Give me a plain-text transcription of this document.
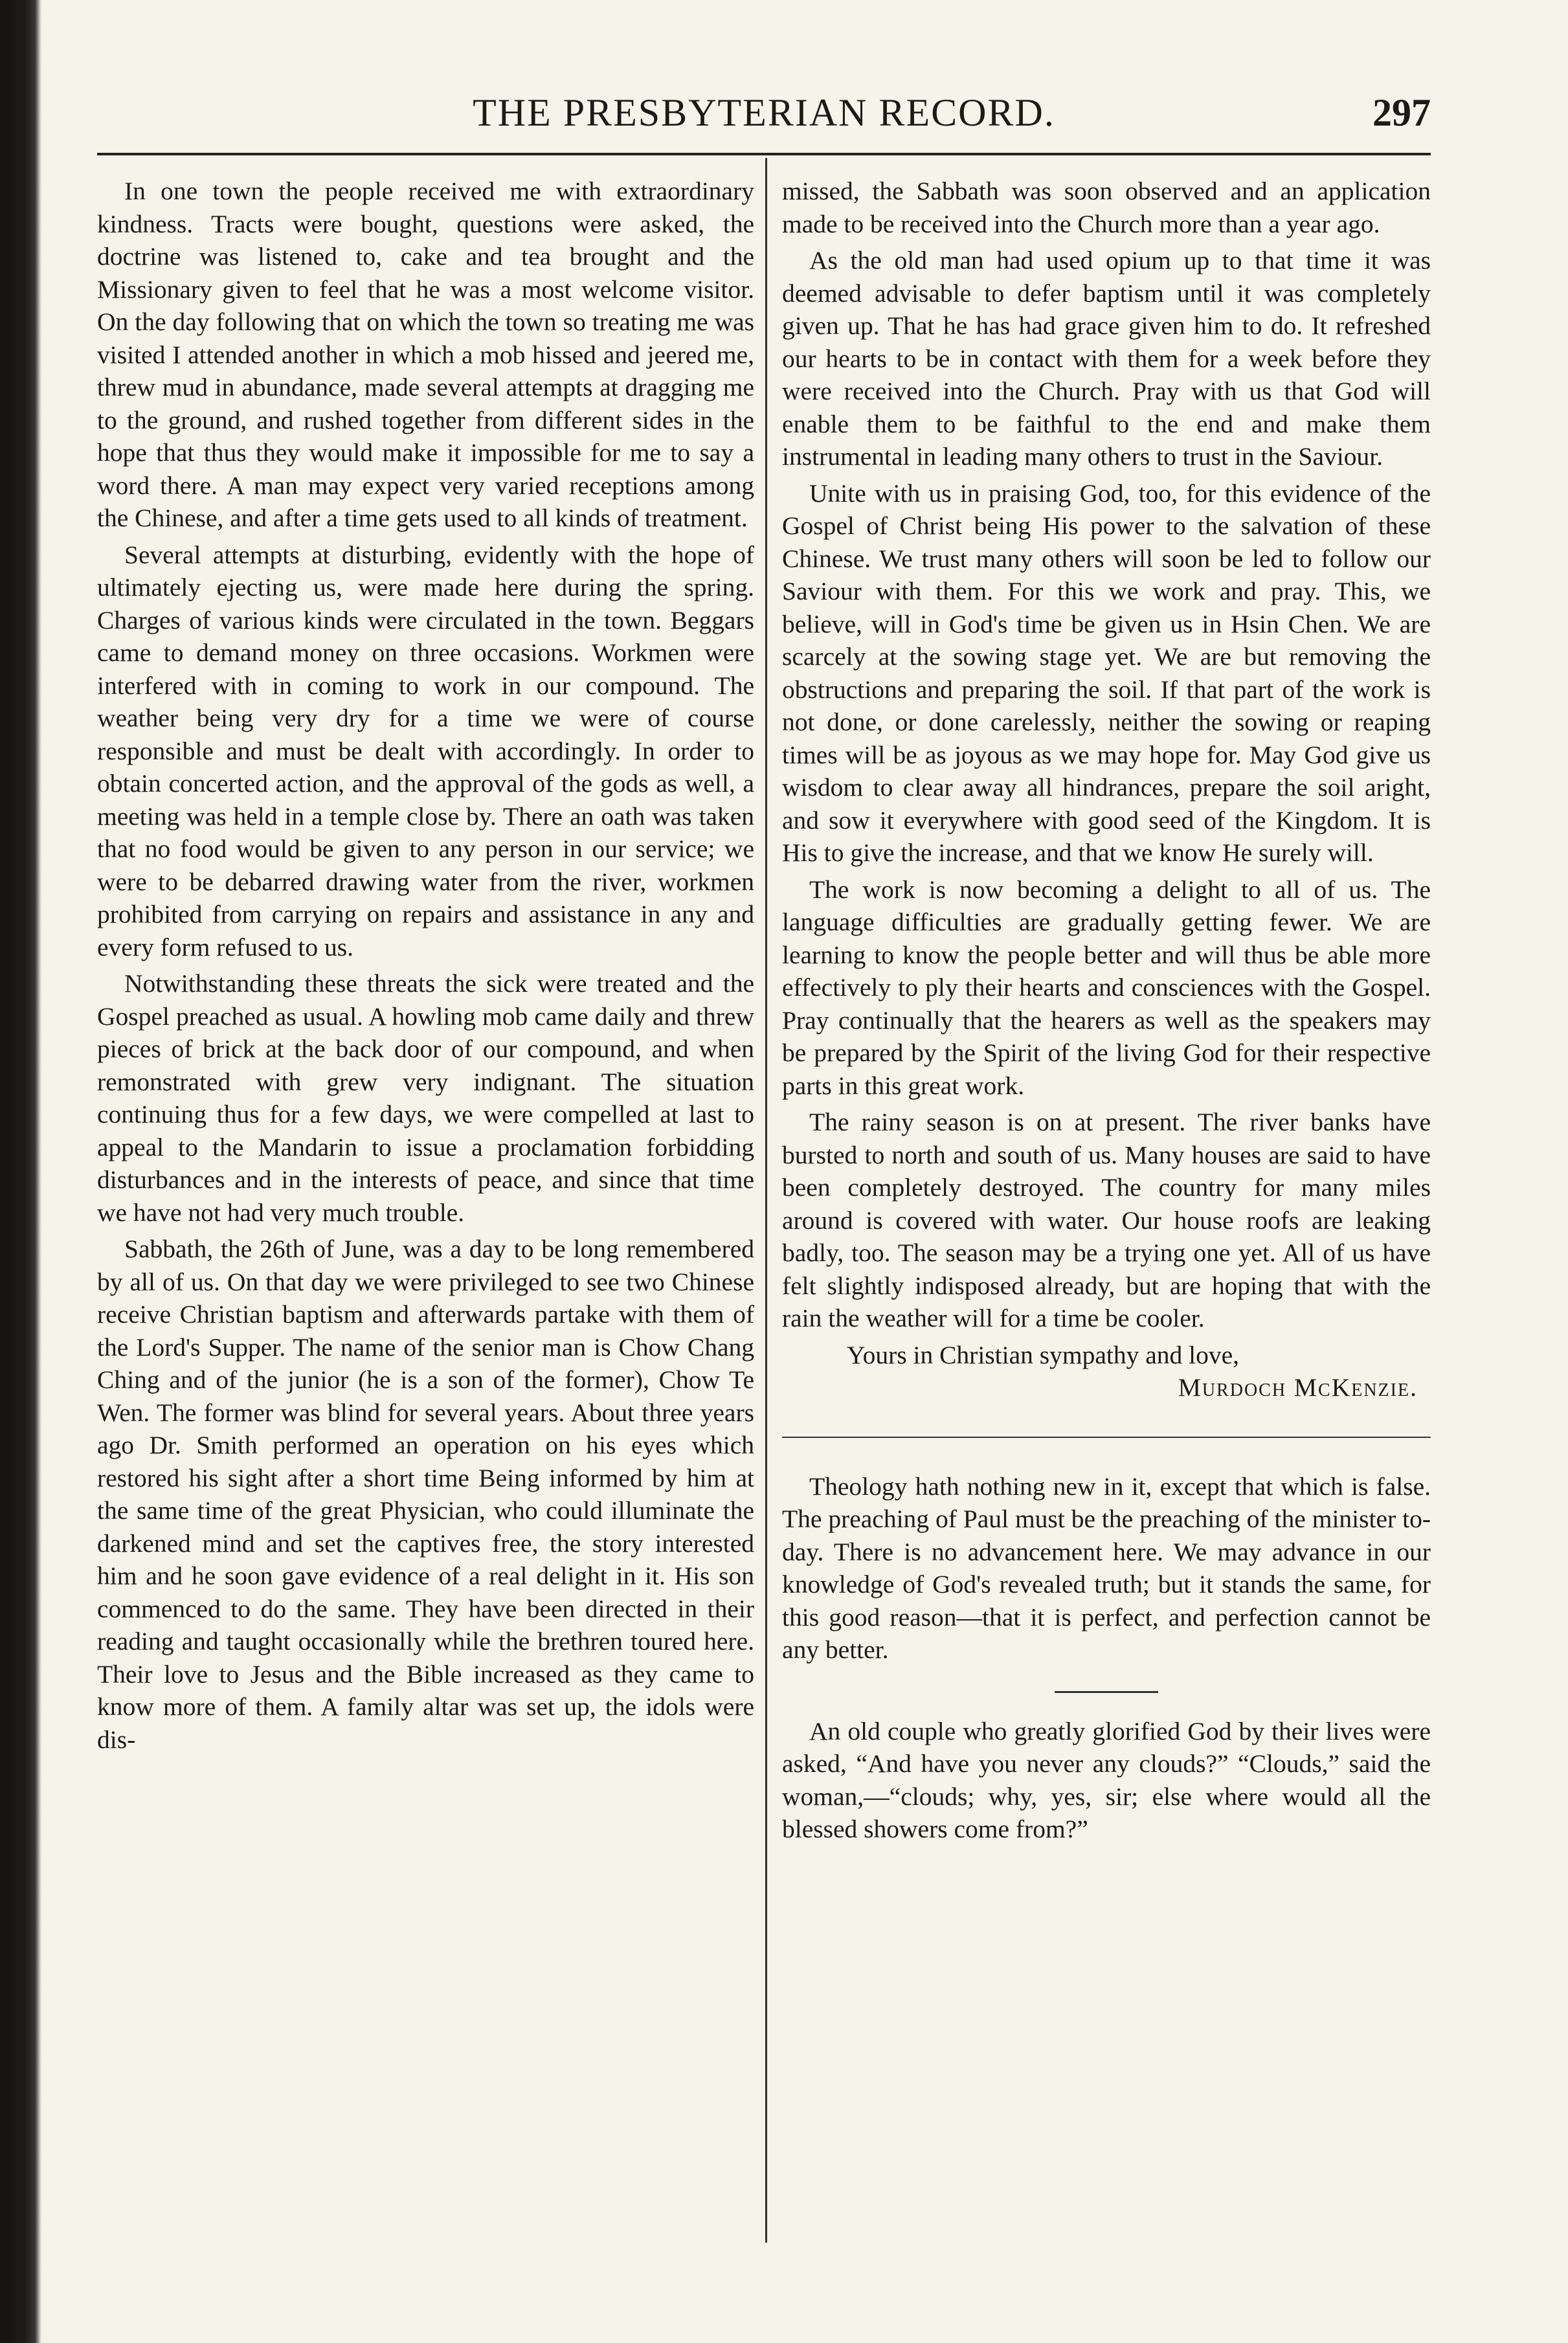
THE PRESBYTERIAN RECORD.	297

In one town the people received me with extraordinary kindness. Tracts were bought, questions were asked, the doctrine was listened to, cake and tea brought and the Missionary given to feel that he was a most welcome visitor. On the day following that on which the town so treating me was visited I attended another in which a mob hissed and jeered me, threw mud in abundance, made several attempts at dragging me to the ground, and rushed together from different sides in the hope that thus they would make it impossible for me to say a word there. A man may expect very varied receptions among the Chinese, and after a time gets used to all kinds of treatment.

Several attempts at disturbing, evidently with the hope of ultimately ejecting us, were made here during the spring. Charges of various kinds were circulated in the town. Beggars came to demand money on three occasions. Workmen were interfered with in coming to work in our compound. The weather being very dry for a time we were of course responsible and must be dealt with accordingly. In order to obtain concerted action, and the approval of the gods as well, a meeting was held in a temple close by. There an oath was taken that no food would be given to any person in our service; we were to be debarred drawing water from the river, workmen prohibited from carrying on repairs and assistance in any and every form refused to us.

Notwithstanding these threats the sick were treated and the Gospel preached as usual. A howling mob came daily and threw pieces of brick at the back door of our compound, and when remonstrated with grew very indignant. The situation continuing thus for a few days, we were compelled at last to appeal to the Mandarin to issue a proclamation forbidding disturbances and in the interests of peace, and since that time we have not had very much trouble.

Sabbath, the 26th of June, was a day to be long remembered by all of us. On that day we were privileged to see two Chinese receive Christian baptism and afterwards partake with them of the Lord's Supper. The name of the senior man is Chow Chang Ching and of the junior (he is a son of the former), Chow Te Wen. The former was blind for several years. About three years ago Dr. Smith performed an operation on his eyes which restored his sight after a short time Being informed by him at the same time of the great Physician, who could illuminate the darkened mind and set the captives free, the story interested him and he soon gave evidence of a real delight in it. His son commenced to do the same. They have been directed in their reading and taught occasionally while the brethren toured here. Their love to Jesus and the Bible increased as they came to know more of them. A family altar was set up, the idols were dis-

missed, the Sabbath was soon observed and an application made to be received into the Church more than a year ago.

As the old man had used opium up to that time it was deemed advisable to defer baptism until it was completely given up. That he has had grace given him to do. It refreshed our hearts to be in contact with them for a week before they were received into the Church. Pray with us that God will enable them to be faithful to the end and make them instrumental in leading many others to trust in the Saviour.

Unite with us in praising God, too, for this evidence of the Gospel of Christ being His power to the salvation of these Chinese. We trust many others will soon be led to follow our Saviour with them. For this we work and pray. This, we believe, will in God's time be given us in Hsin Chen. We are scarcely at the sowing stage yet. We are but removing the obstructions and preparing the soil. If that part of the work is not done, or done carelessly, neither the sowing or reaping times will be as joyous as we may hope for. May God give us wisdom to clear away all hindrances, prepare the soil aright, and sow it everywhere with good seed of the Kingdom. It is His to give the increase, and that we know He surely will.

The work is now becoming a delight to all of us. The language difficulties are gradually getting fewer. We are learning to know the people better and will thus be able more effectively to ply their hearts and consciences with the Gospel. Pray continually that the hearers as well as the speakers may be prepared by the Spirit of the living God for their respective parts in this great work.

The rainy season is on at present. The river banks have bursted to north and south of us. Many houses are said to have been completely destroyed. The country for many miles around is covered with water. Our house roofs are leaking badly, too. The season may be a trying one yet. All of us have felt slightly indisposed already, but are hoping that with the rain the weather will for a time be cooler.

Yours in Christian sympathy and love,

Murdoch McKenzie.

Theology hath nothing new in it, except that which is false. The preaching of Paul must be the preaching of the minister to-day. There is no advancement here. We may advance in our knowledge of God's revealed truth; but it stands the same, for this good reason—that it is perfect, and perfection cannot be any better.

An old couple who greatly glorified God by their lives were asked, “And have you never any clouds?” “Clouds,” said the woman,—“clouds; why, yes, sir; else where would all the blessed showers come from?”
